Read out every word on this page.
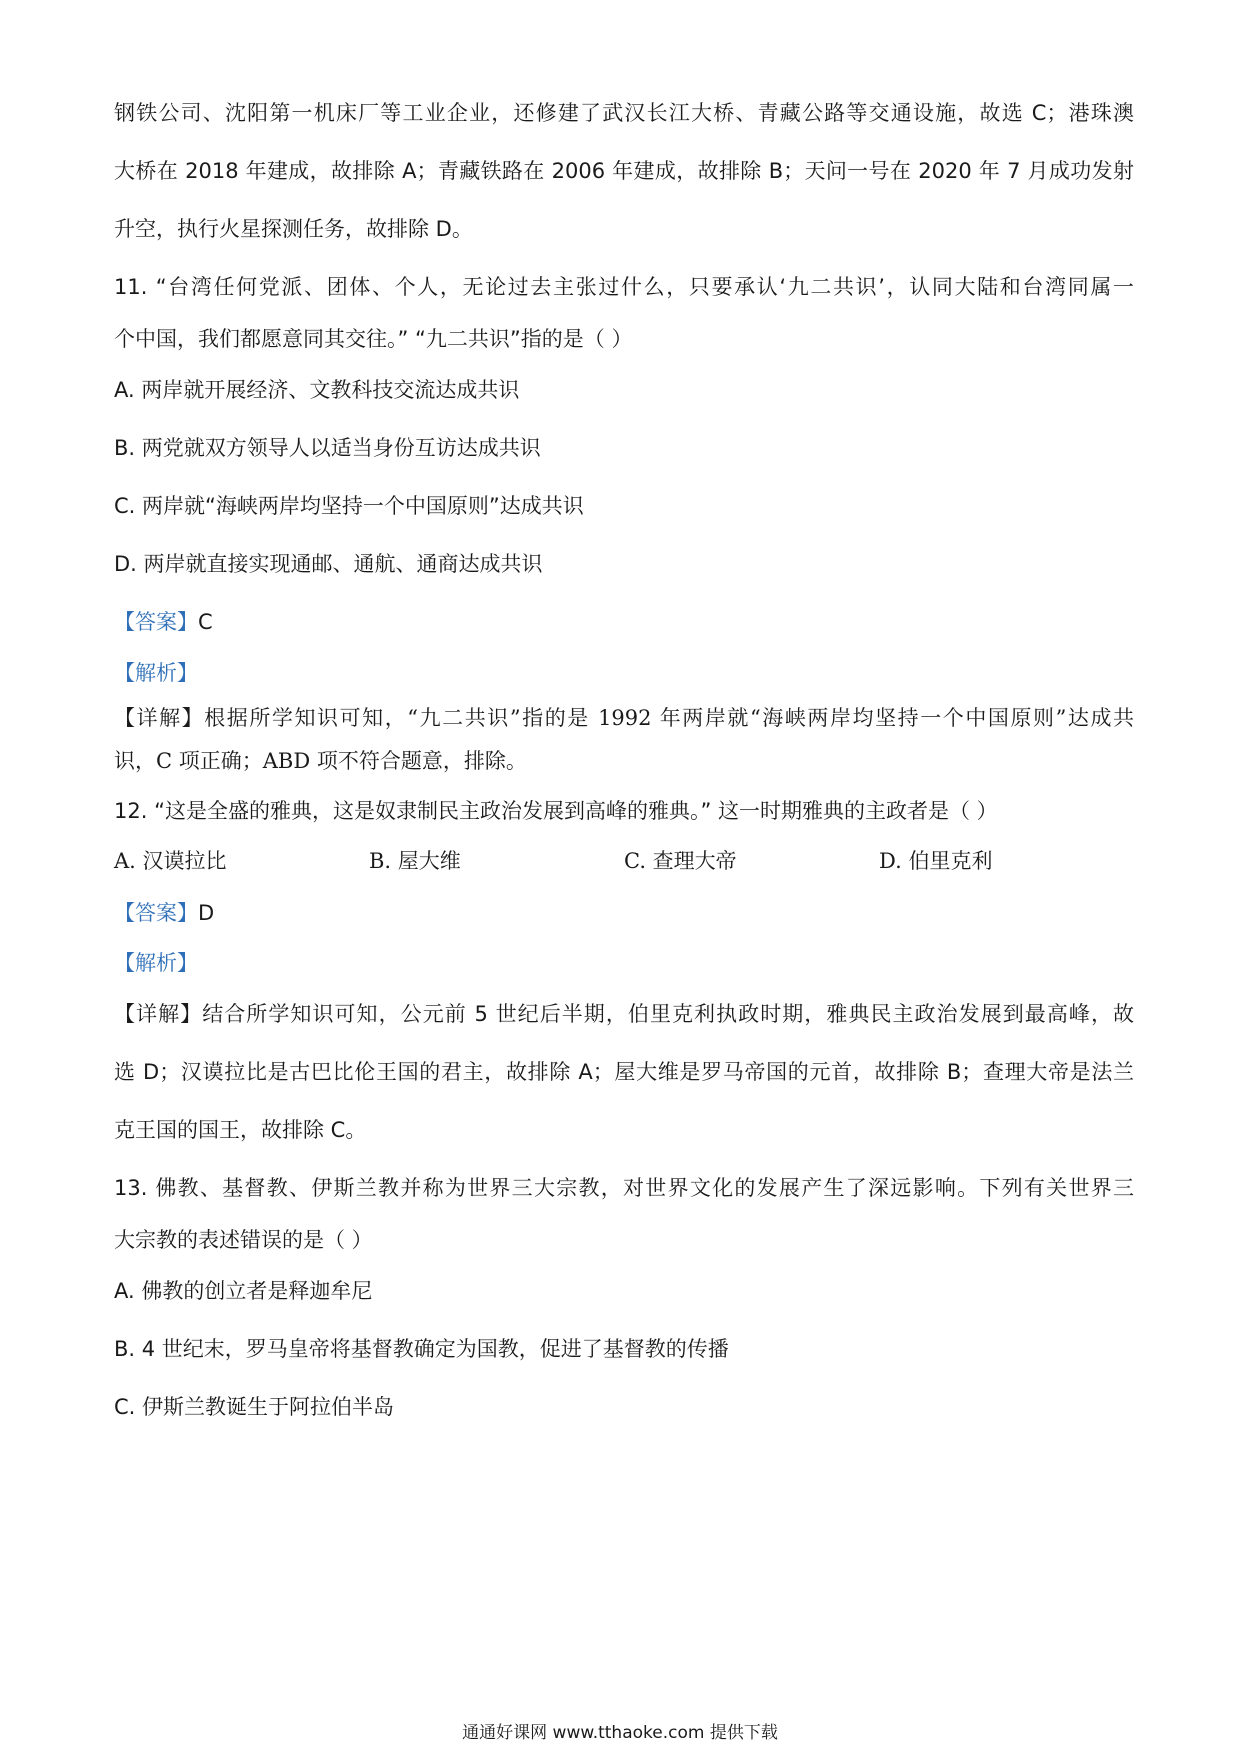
钢铁公司、沈阳第一机床厂等工业企业，还修建了武汉长江大桥、青藏公路等交通设施，故选 C；港珠澳
大桥在 2018 年建成，故排除 A；青藏铁路在 2006 年建成，故排除 B；天问一号在 2020 年 7 月成功发射
升空，执行火星探测任务，故排除 D。
11. “台湾任何党派、团体、个人，无论过去主张过什么，只要承认‘九二共识’，认同大陆和台湾同属一
个中国，我们都愿意同其交往。” “九二共识”指的是（ ）
A. 两岸就开展经济、文教科技交流达成共识
B. 两党就双方领导人以适当身份互访达成共识
C. 两岸就“海峡两岸均坚持一个中国原则”达成共识
D. 两岸就直接实现通邮、通航、通商达成共识
【答案】C
【解析】
【详解】根据所学知识可知，“九二共识”指的是 1992 年两岸就“海峡两岸均坚持一个中国原则”达成共
识，C 项正确；ABD 项不符合题意，排除。
12. “这是全盛的雅典，这是奴隶制民主政治发展到高峰的雅典。” 这一时期雅典的主政者是（ ）
A. 汉谟拉比	B. 屋大维	C. 查理大帝	D. 伯里克利
【答案】D
【解析】
【详解】结合所学知识可知，公元前 5 世纪后半期，伯里克利执政时期，雅典民主政治发展到最高峰，故
选 D；汉谟拉比是古巴比伦王国的君主，故排除 A；屋大维是罗马帝国的元首，故排除 B；查理大帝是法兰
克王国的国王，故排除 C。
13. 佛教、基督教、伊斯兰教并称为世界三大宗教，对世界文化的发展产生了深远影响。下列有关世界三
大宗教的表述错误的是（ ）
A. 佛教的创立者是释迦牟尼
B. 4 世纪末，罗马皇帝将基督教确定为国教，促进了基督教的传播
C. 伊斯兰教诞生于阿拉伯半岛
通通好课网 www.tthaoke.com 提供下载
